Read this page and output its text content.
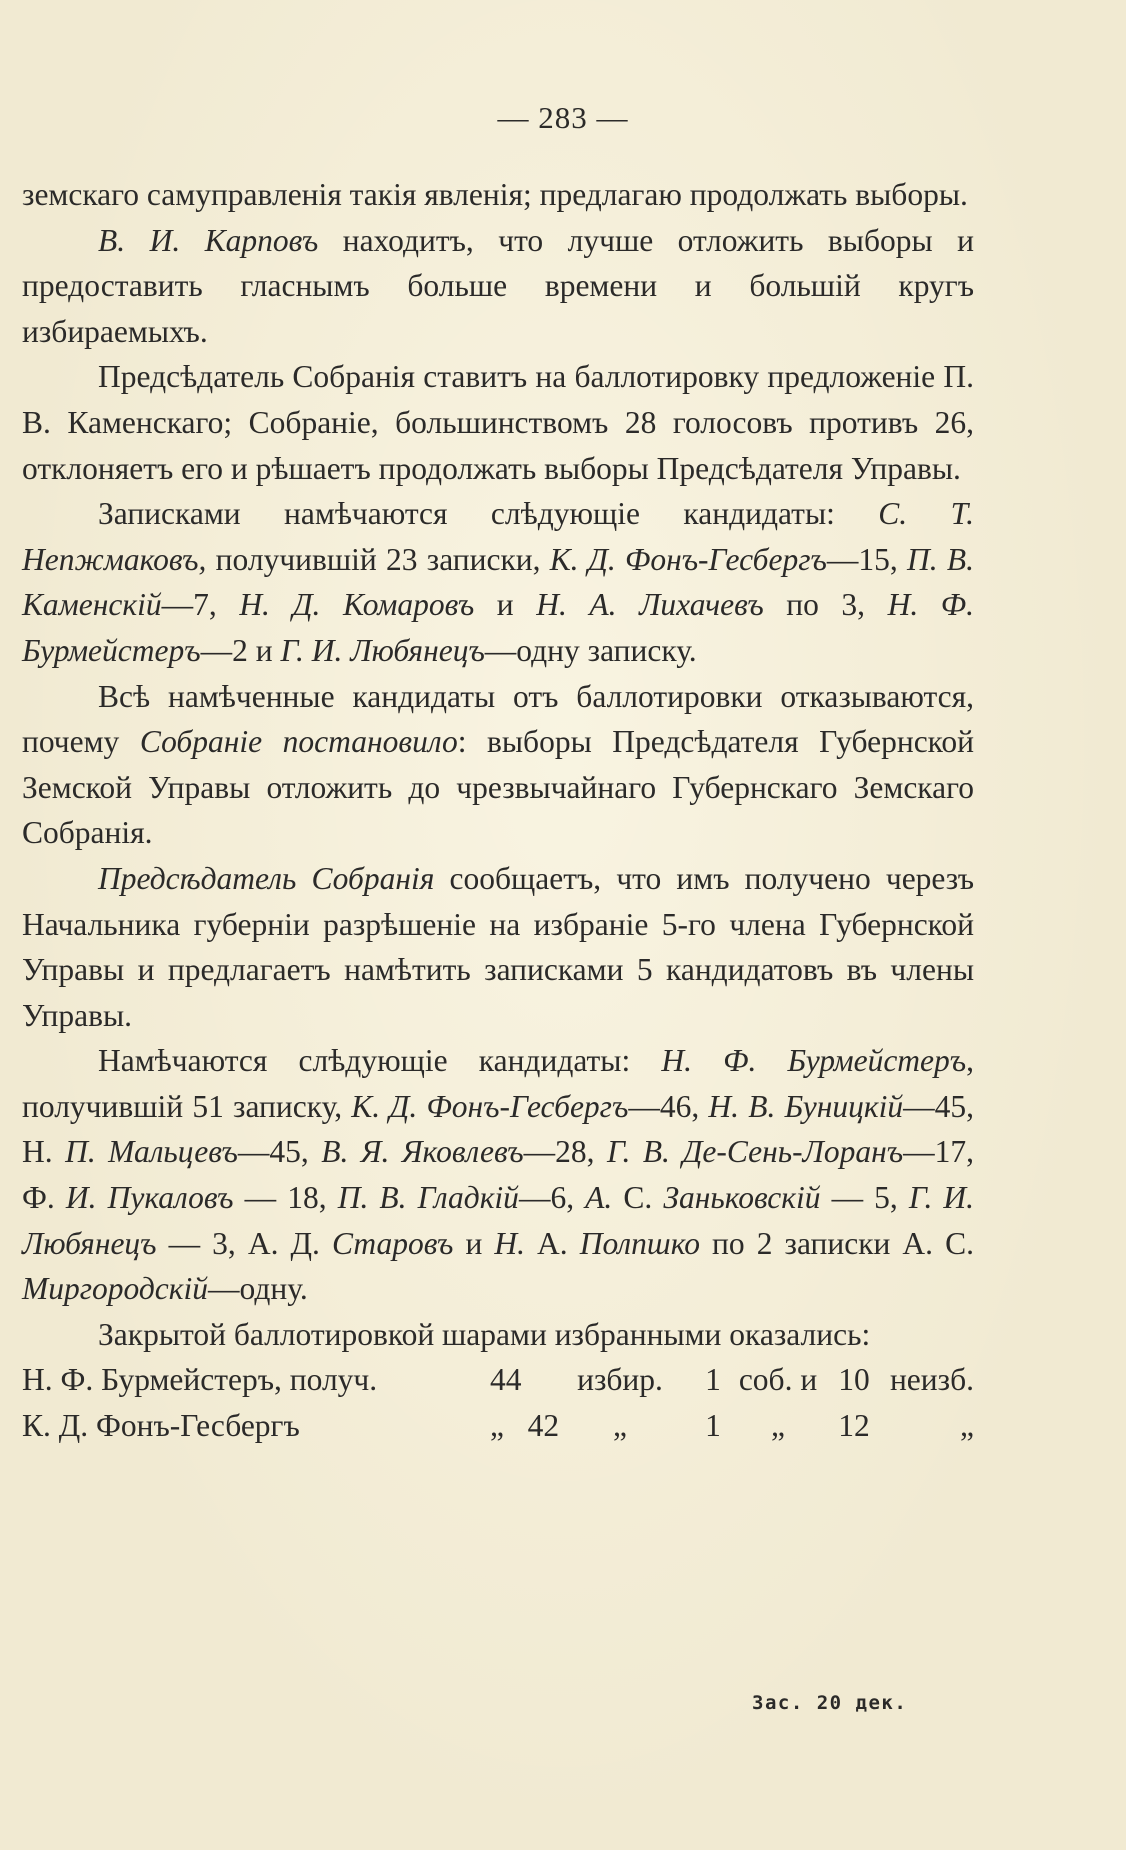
— 283 —

земскаго самуправленія такія явленія; предлагаю продолжать выборы.

В. И. Карповъ находитъ, что лучше отложить выборы и предоставить гласнымъ больше времени и большій кругъ избираемыхъ.

Предсѣдатель Собранія ставитъ на баллотировку предложеніе П. В. Каменскаго; Собраніе, большинствомъ 28 голосовъ противъ 26, отклоняетъ его и рѣшаетъ продолжать выборы Предсѣдателя Управы.

Записками намѣчаются слѣдующіе кандидаты: С. Т. Непжмаковъ, получившій 23 записки, К. Д. Фонъ-Гесбергъ—15, П. В. Каменскій—7, Н. Д. Комаровъ и Н. А. Лихачевъ по 3, Н. Ф. Бурмейстеръ—2 и Г. И. Любянецъ—одну записку.

Всѣ намѣченные кандидаты отъ баллотировки отказываются, почему Собраніе постановило: выборы Предсѣдателя Губернской Земской Управы отложить до чрезвычайнаго Губернскаго Земскаго Собранія.

Предсѣдатель Собранія сообщаетъ, что имъ получено черезъ Начальника губерніи разрѣшеніе на избраніе 5-го члена Губернской Управы и предлагаетъ намѣтить записками 5 кандидатовъ въ члены Управы.

Намѣчаются слѣдующіе кандидаты: Н. Ф. Бурмейстеръ, получившій 51 записку, К. Д. Фонъ-Гесбергъ—46, Н. В. Буницкій—45, Н. П. Мальцевъ—45, В. Я. Яковлевъ—28, Г. В. Де-Сень-Лоранъ—17, Ф. И. Пукаловъ — 18, П. В. Гладкій—6, А. С. Заньковскій — 5, Г. И. Любянецъ — 3, А. Д. Старовъ и Н. А. Полпшко по 2 записки А. С. Миргородскій—одну.

Закрытой баллотировкой шарами избранными оказались:

Н. Ф. Бурмейстеръ, получ.	44	избир.	1 соб. и 10 неизб.
К. Д. Фонъ-Гесбергъ	„   42	„	1	„	12	„
Зас. 20 дек.
